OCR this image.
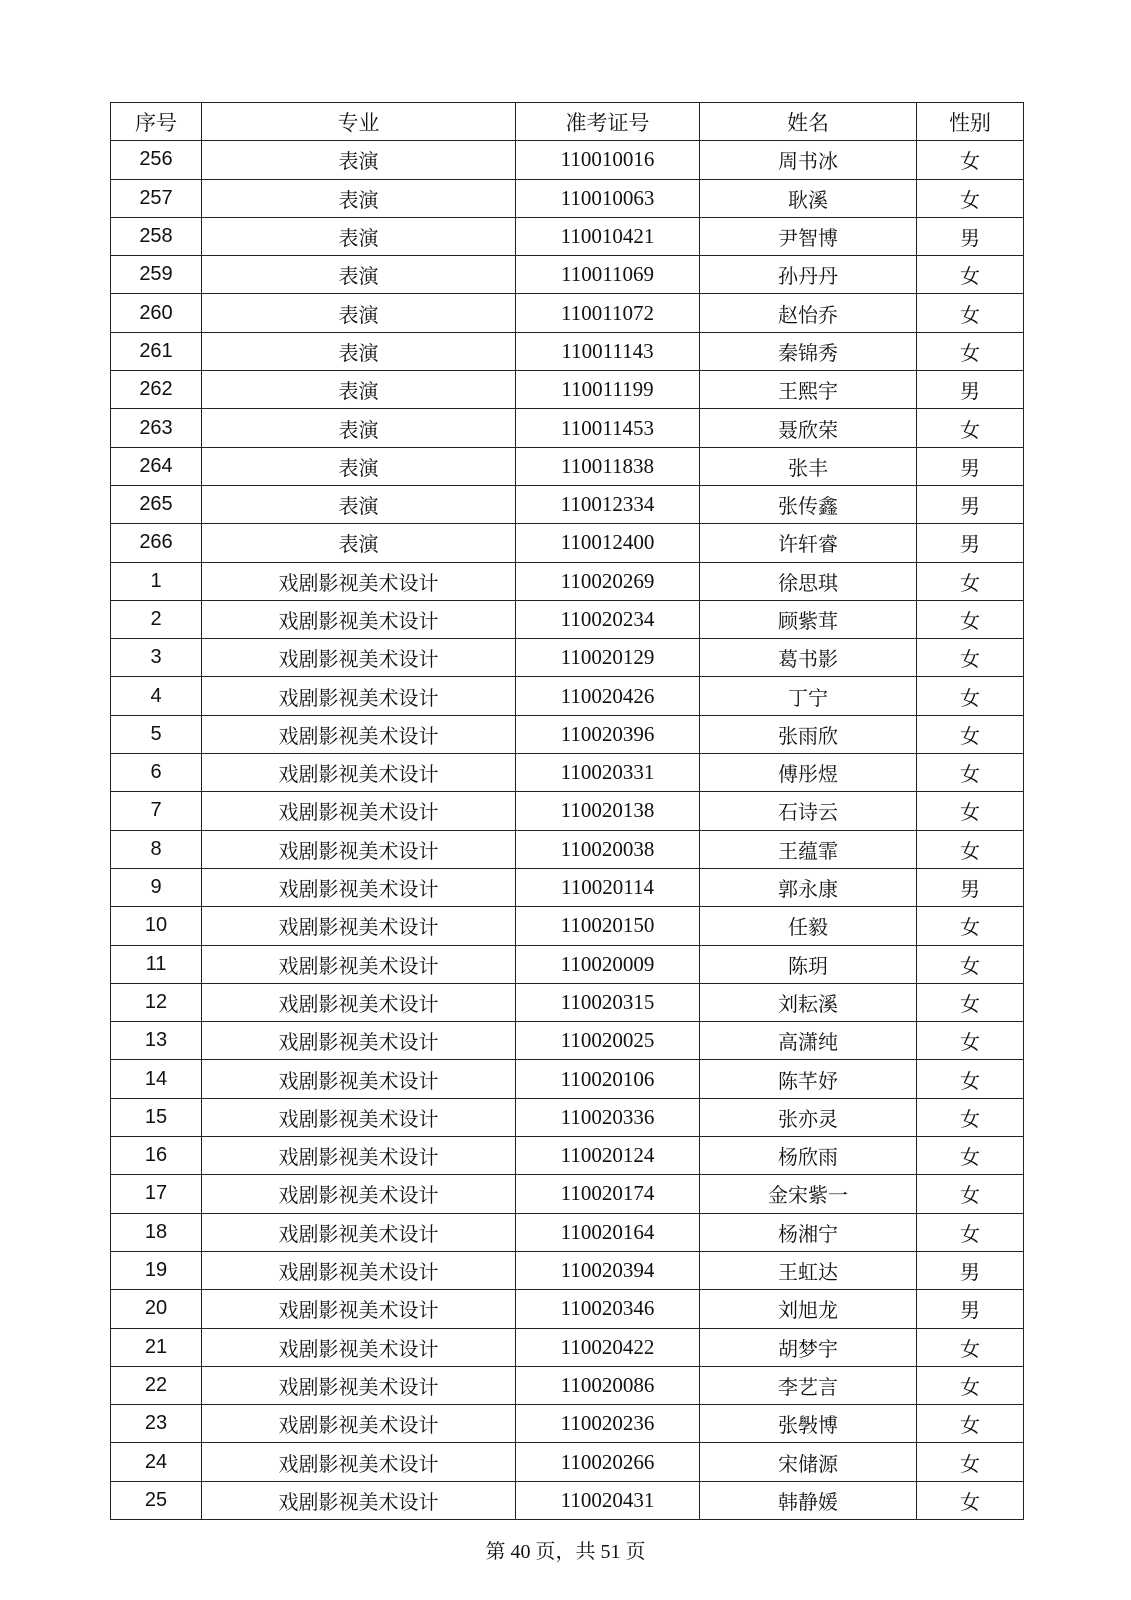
序号	专业	准考证号	姓名	性别
256	表演	110010016	周书冰	女
257	表演	110010063	耿溪	女
258	表演	110010421	尹智博	男
259	表演	110011069	孙丹丹	女
260	表演	110011072	赵怡乔	女
261	表演	110011143	秦锦秀	女
262	表演	110011199	王熙宇	男
263	表演	110011453	聂欣荣	女
264	表演	110011838	张丰	男
265	表演	110012334	张传鑫	男
266	表演	110012400	许轩睿	男
1	戏剧影视美术设计	110020269	徐思琪	女
2	戏剧影视美术设计	110020234	顾紫茸	女
3	戏剧影视美术设计	110020129	葛书影	女
4	戏剧影视美术设计	110020426	丁宁	女
5	戏剧影视美术设计	110020396	张雨欣	女
6	戏剧影视美术设计	110020331	傅彤煜	女
7	戏剧影视美术设计	110020138	石诗云	女
8	戏剧影视美术设计	110020038	王蕴霏	女
9	戏剧影视美术设计	110020114	郭永康	男
10	戏剧影视美术设计	110020150	任毅	女
11	戏剧影视美术设计	110020009	陈玥	女
12	戏剧影视美术设计	110020315	刘耘溪	女
13	戏剧影视美术设计	110020025	高潇纯	女
14	戏剧影视美术设计	110020106	陈芊妤	女
15	戏剧影视美术设计	110020336	张亦灵	女
16	戏剧影视美术设计	110020124	杨欣雨	女
17	戏剧影视美术设计	110020174	金宋紫一	女
18	戏剧影视美术设计	110020164	杨湘宁	女
19	戏剧影视美术设计	110020394	王虹达	男
20	戏剧影视美术设计	110020346	刘旭龙	男
21	戏剧影视美术设计	110020422	胡梦宇	女
22	戏剧影视美术设计	110020086	李艺言	女
23	戏剧影视美术设计	110020236	张斅博	女
24	戏剧影视美术设计	110020266	宋储源	女
25	戏剧影视美术设计	110020431	韩静媛	女
第 40 页，共 51 页
